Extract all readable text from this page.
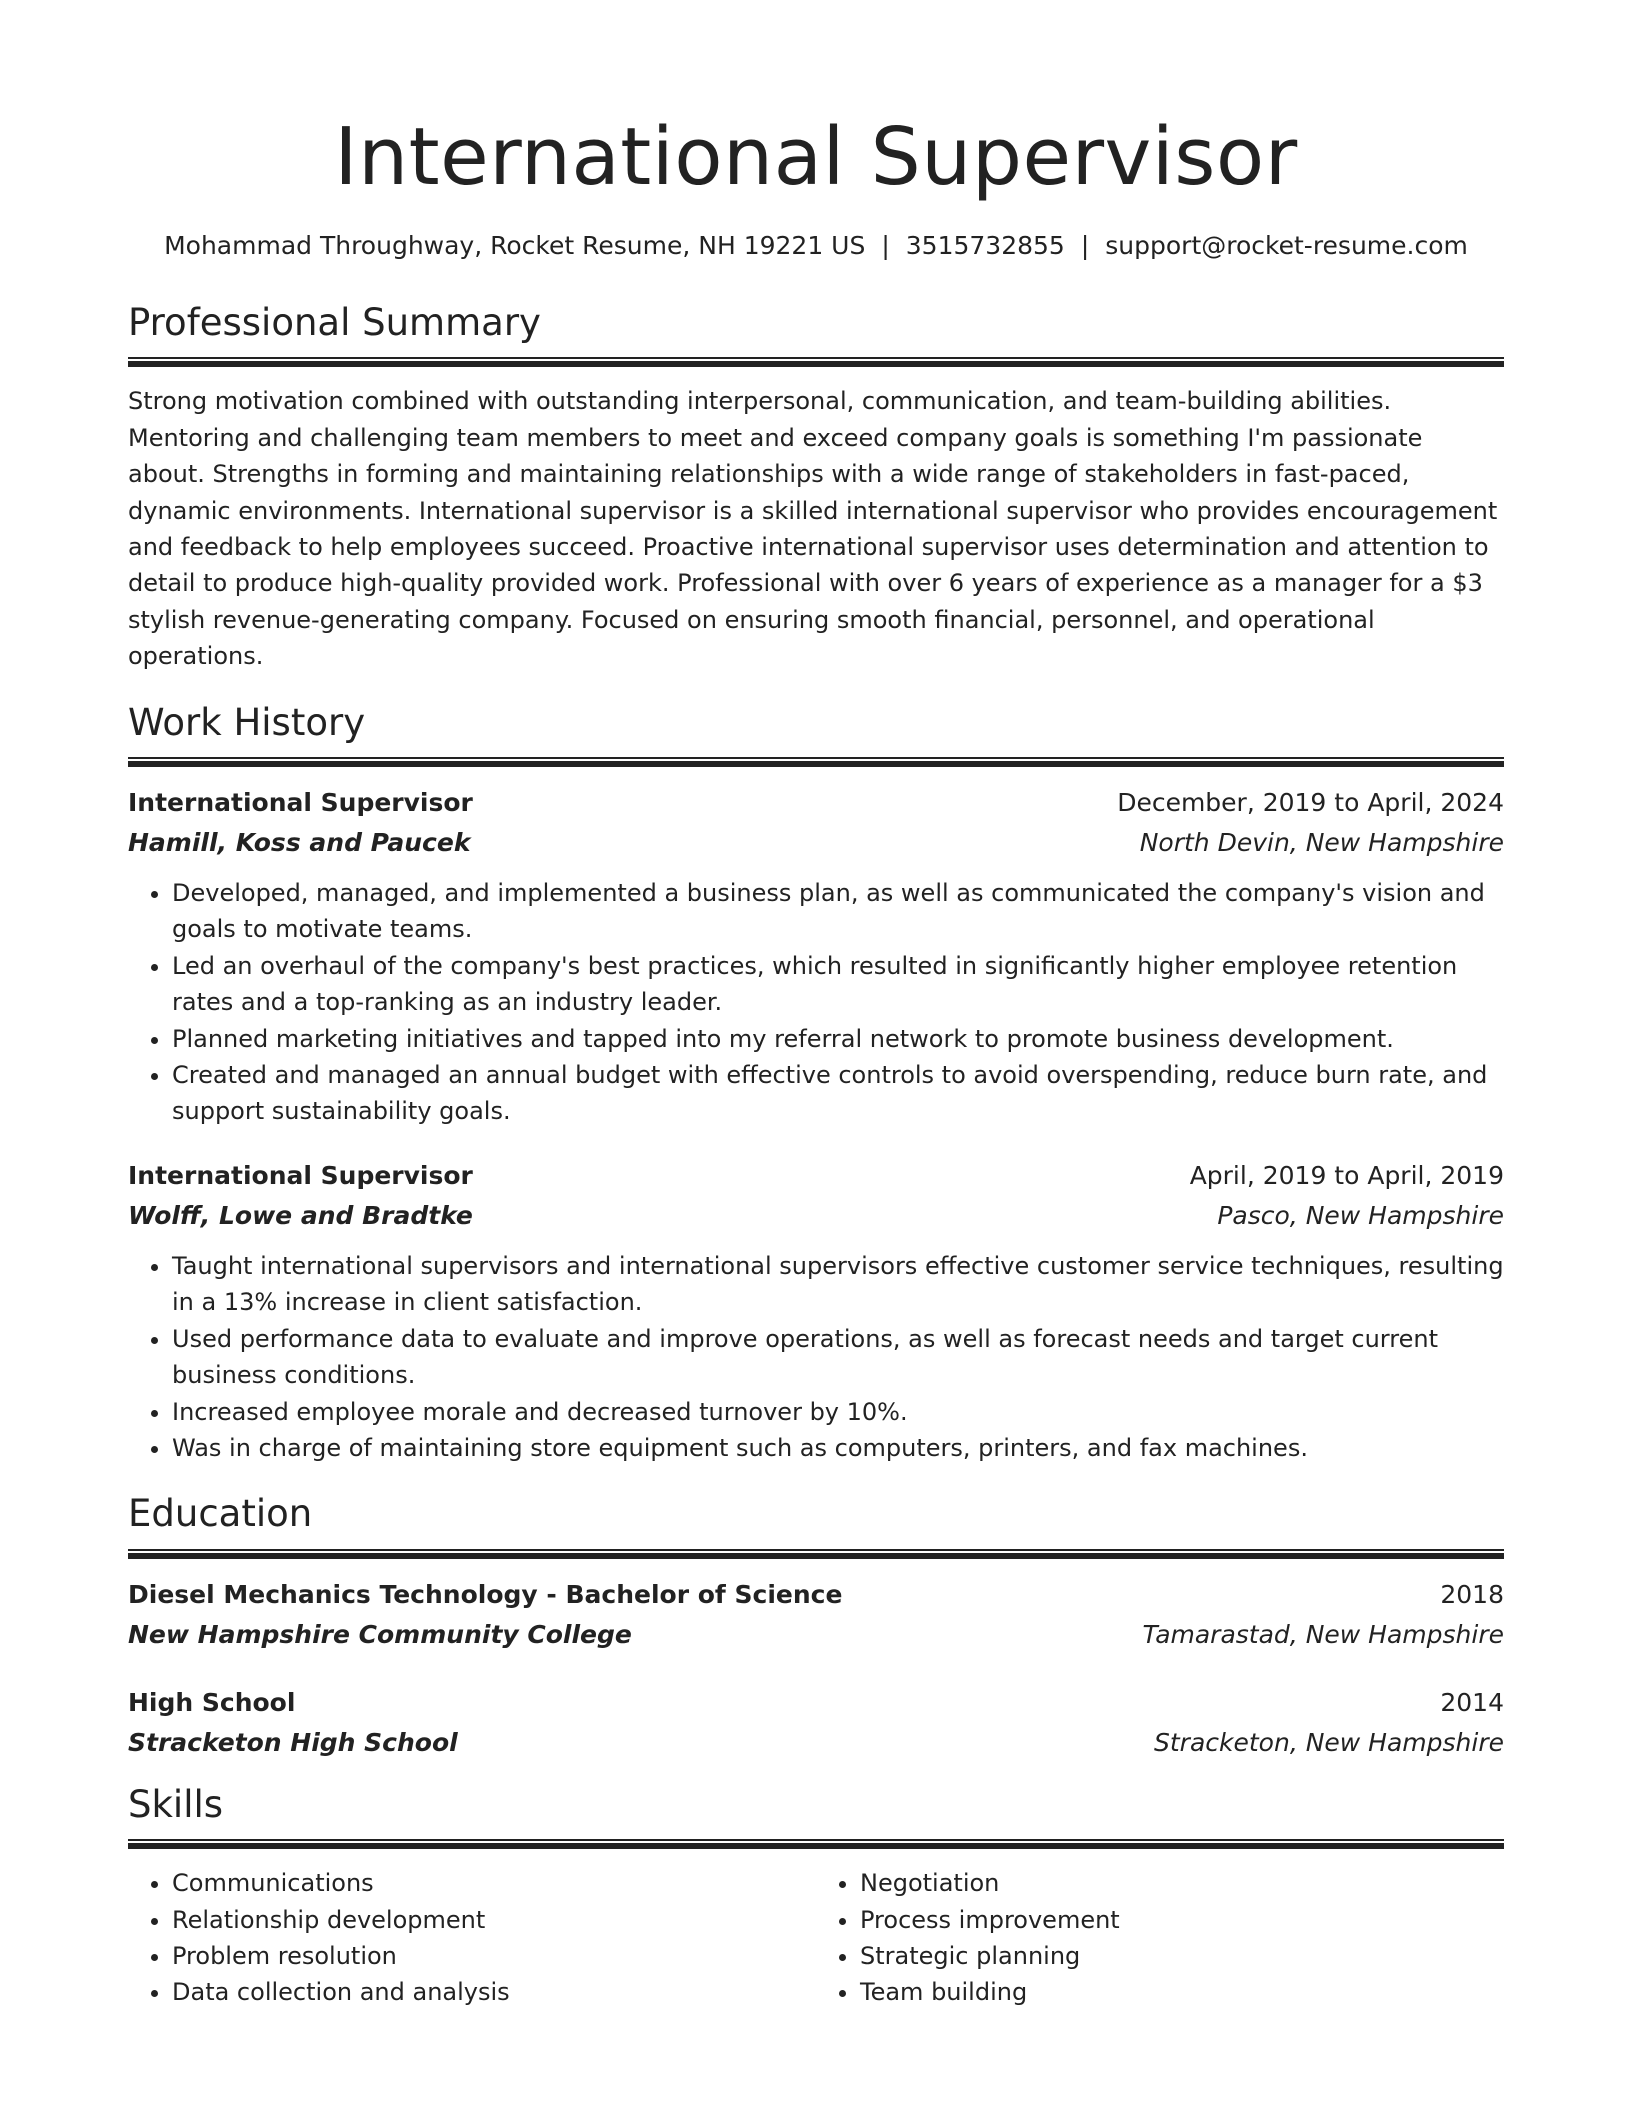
International Supervisor
Mohammad Throughway, Rocket Resume, NH 19221 US | 3515732855 | support@rocket-resume.com
Professional Summary

Strong motivation combined with outstanding interpersonal, communication, and team-building abilities. Mentoring and challenging team members to meet and exceed company goals is something I'm passionate about. Strengths in forming and maintaining relationships with a wide range of stakeholders in fast-paced, dynamic environments. International supervisor is a skilled international supervisor who provides encouragement and feedback to help employees succeed. Proactive international supervisor uses determination and attention to detail to produce high-quality provided work. Professional with over 6 years of experience as a manager for a $3 stylish revenue-generating company. Focused on ensuring smooth financial, personnel, and operational operations.

Work History
International Supervisor	December, 2019 to April, 2024
Hamill, Koss and Paucek	North Devin, New Hampshire
• Developed, managed, and implemented a business plan, as well as communicated the company's vision and goals to motivate teams.
• Led an overhaul of the company's best practices, which resulted in significantly higher employee retention rates and a top-ranking as an industry leader.
• Planned marketing initiatives and tapped into my referral network to promote business development.
• Created and managed an annual budget with effective controls to avoid overspending, reduce burn rate, and support sustainability goals.
International Supervisor	April, 2019 to April, 2019
Wolff, Lowe and Bradtke	Pasco, New Hampshire
• Taught international supervisors and international supervisors effective customer service techniques, resulting in a 13% increase in client satisfaction.
• Used performance data to evaluate and improve operations, as well as forecast needs and target current business conditions.
• Increased employee morale and decreased turnover by 10%.
• Was in charge of maintaining store equipment such as computers, printers, and fax machines.
Education
Diesel Mechanics Technology - Bachelor of Science	2018
New Hampshire Community College	Tamarastad, New Hampshire
High School	2014
Stracketon High School	Stracketon, New Hampshire
Skills
• Communications
• Relationship development
• Problem resolution
• Data collection and analysis
• Negotiation
• Process improvement
• Strategic planning
• Team building
